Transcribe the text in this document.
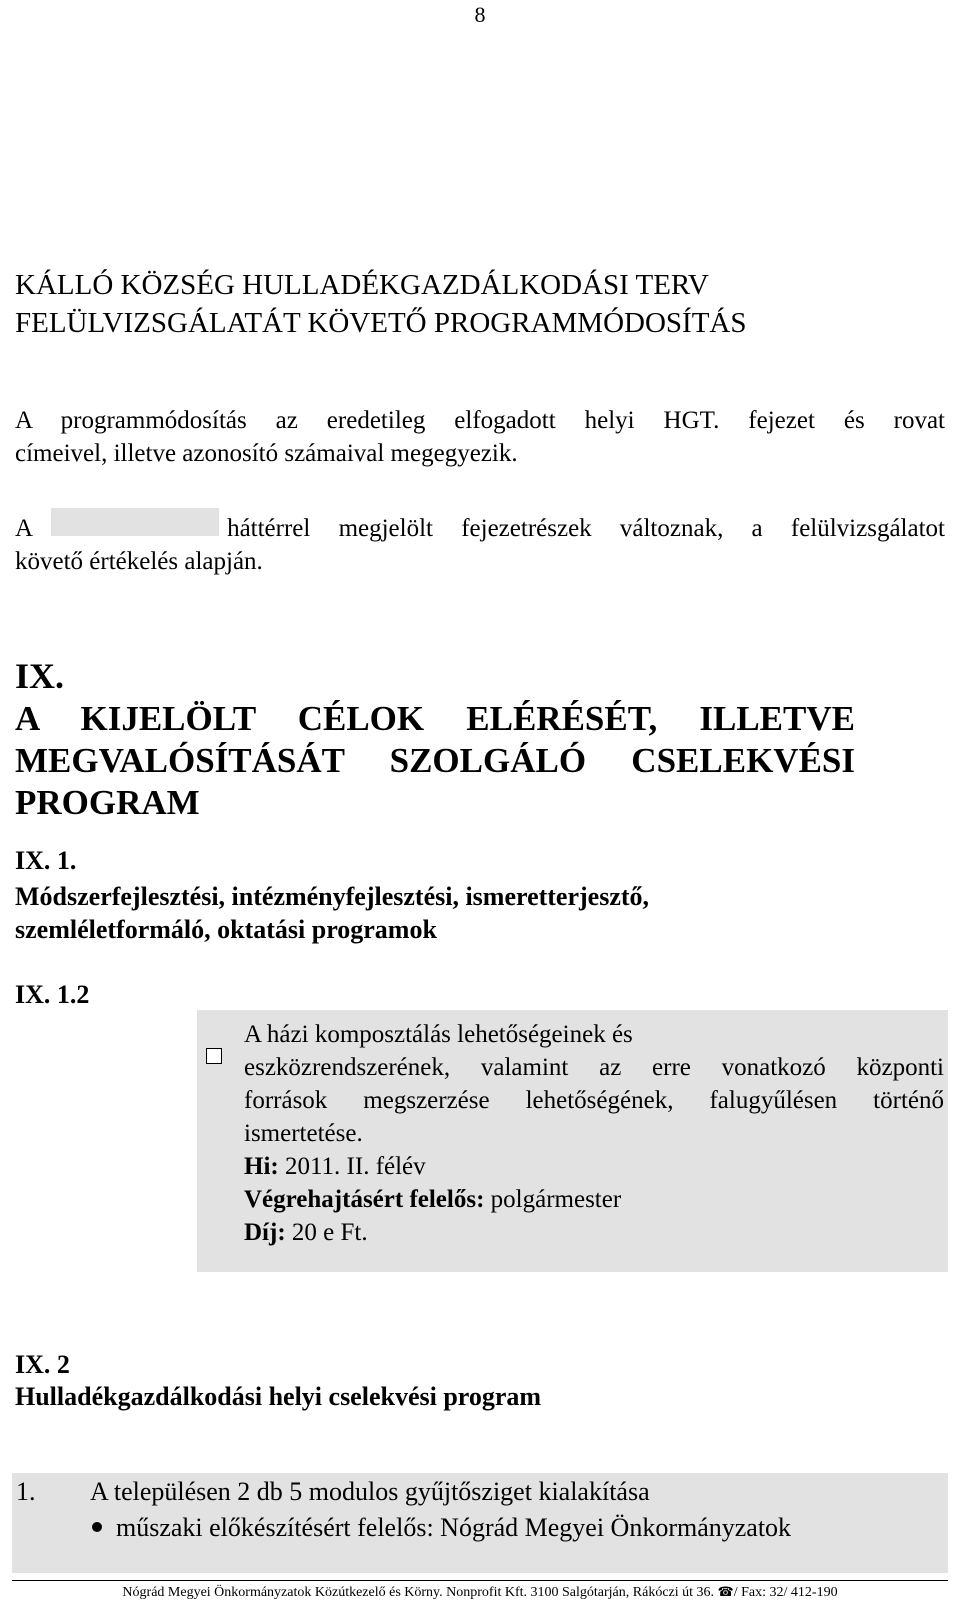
8
KÁLLÓ KÖZSÉG HULLADÉKGAZDÁLKODÁSI TERV
FELÜLVIZSGÁLATÁT KÖVETŐ PROGRAMMÓDOSÍTÁS
A programmódosítás az eredetileg elfogadott helyi HGT. fejezet és rovat
címeivel, illetve azonosító számaival megegyezik.
A	háttérrel megjelölt fejezetrészek változnak, a felülvizsgálatot
követő értékelés alapján.
IX.
A KIJELÖLT CÉLOK ELÉRÉSÉT, ILLETVE
MEGVALÓSÍTÁSÁT SZOLGÁLÓ CSELEKVÉSI
PROGRAM
IX. 1.
Módszerfejlesztési, intézményfejlesztési, ismeretterjesztő,
szemléletformáló, oktatási programok
IX. 1.2
A házi komposztálás lehetőségeinek és
eszközrendszerének, valamint az erre vonatkozó központi
források megszerzése lehetőségének, falugyűlésen történő
ismertetése.
Hi: 2011. II. félév
Végrehajtásért felelős: polgármester
Díj: 20 e Ft.
IX. 2
Hulladékgazdálkodási helyi cselekvési program
1. A településen 2 db 5 modulos gyűjtősziget kialakítása
műszaki előkészítésért felelős: Nógrád Megyei Önkormányzatok
Nógrád Megyei Önkormányzatok Közútkezelő és Körny. Nonprofit Kft. 3100 Salgótarján, Rákóczi út 36. ☎/ Fax: 32/ 412-190
